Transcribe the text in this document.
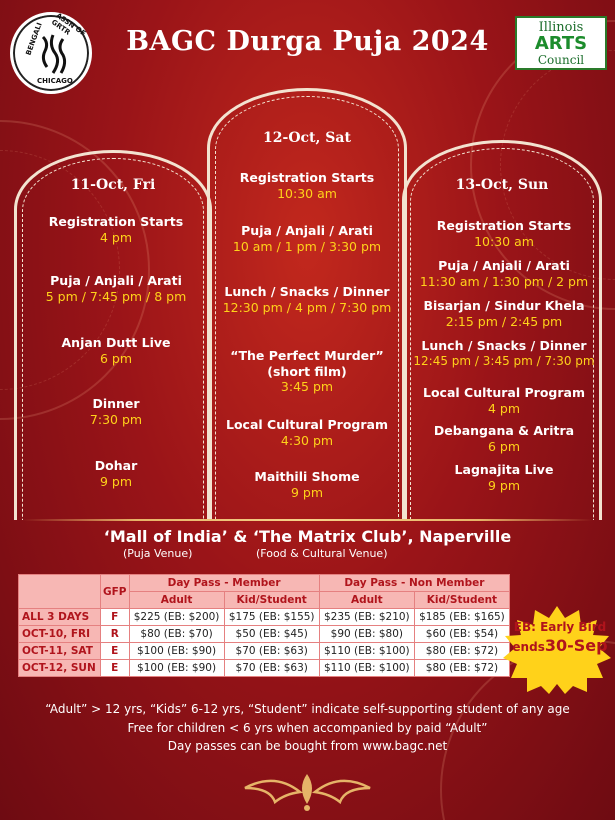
ASSN OF GRTR
BENGALI
CHICAGO
BAGC Durga Puja 2024	Illinois
ARTS
Council
11-Oct, Fri
12-Oct, Sat
13-Oct, Sun
Registration Starts
4 pm
Puja / Anjali / Arati
5 pm / 7:45 pm / 8 pm
Anjan Dutt Live
6 pm
Dinner
7:30 pm
Dohar
9 pm
Registration Starts
10:30 am
Puja / Anjali / Arati
10 am / 1 pm / 3:30 pm
Lunch / Snacks / Dinner
12:30 pm / 4 pm / 7:30 pm
“The Perfect Murder”
(short film)
3:45 pm
Local Cultural Program
4:30 pm
Maithili Shome
9 pm
Registration Starts
10:30 am
Puja / Anjali / Arati
11:30 am / 1:30 pm / 2 pm
Bisarjan / Sindur Khela
2:15 pm / 2:45 pm
Lunch / Snacks / Dinner
12:45 pm / 3:45 pm / 7:30 pm
Local Cultural Program
4 pm
Debangana & Aritra
6 pm
Lagnajita Live
9 pm
‘Mall of India’ & ‘The Matrix Club’, Naperville
(Puja Venue)	(Food & Cultural Venue)
	GFP	Day Pass - Member		Day Pass - Non Member	
		Adult	Kid/Student	Adult	Kid/Student
ALL 3 DAYS	F	$225 (EB: $200)	$175 (EB: $155)	$235 (EB: $210)	$185 (EB: $165)
OCT-10, FRI	R	$80 (EB: $70)	$50 (EB: $45)	$90 (EB: $80)	$60 (EB: $54)
OCT-11, SAT	E	$100 (EB: $90)	$70 (EB: $63)	$110 (EB: $100)	$80 (EB: $72)
OCT-12, SUN	E	$100 (EB: $90)	$70 (EB: $63)	$110 (EB: $100)	$80 (EB: $72)
EB: Early Bird
ends30-Sep
“Adult” > 12 yrs, “Kids” 6-12 yrs, “Student” indicate self-supporting student of any age
Free for children < 6 yrs when accompanied by paid “Adult”
Day passes can be bought from www.bagc.net
